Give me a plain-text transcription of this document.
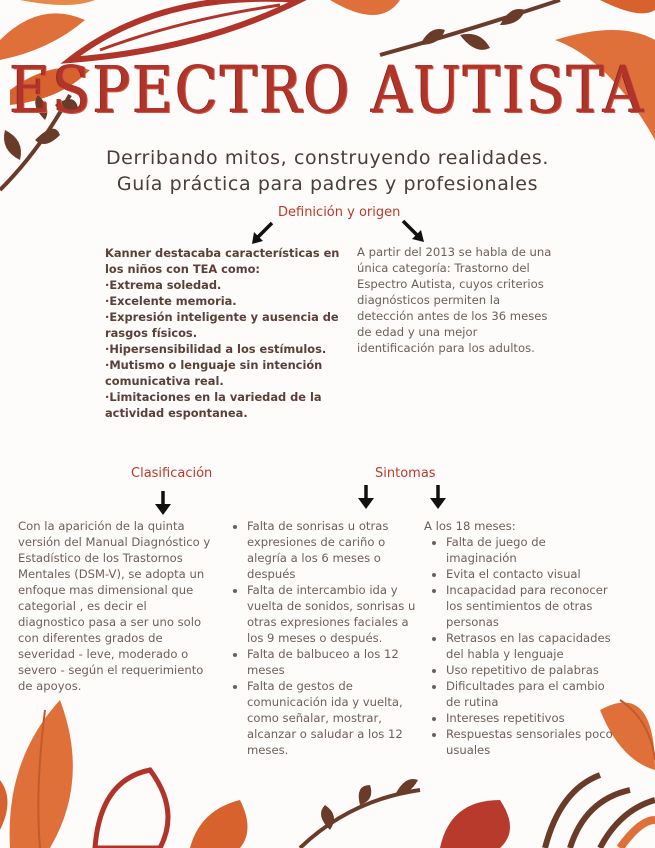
ESPECTRO AUTISTA
Derribando mitos, construyendo realidades.
Guía práctica para padres y profesionales
Definición y origen
Kanner destacaba características en los niños con TEA como:
·Extrema soledad.
·Excelente memoria.
·Expresión inteligente y ausencia de rasgos físicos.
·Hipersensibilidad a los estímulos.
·Mutismo o lenguaje sin intención comunicativa real.
·Limitaciones en la variedad de la actividad espontanea.
A partir del 2013 se habla de una única categoría: Trastorno del Espectro Autista, cuyos criterios diagnósticos permiten la detección antes de los 36 meses de edad y una mejor identificación para los adultos.
Clasificación
Con la aparición de la quinta versión del Manual Diagnóstico y Estadístico de los Trastornos Mentales (DSM-V), se adopta un enfoque mas dimensional que categorial , es decir el diagnostico pasa a ser uno solo con diferentes grados de severidad - leve, moderado o severo - según el requerimiento de apoyos.
Sintomas
• Falta de sonrisas u otras expresiones de cariño o alegría a los 6 meses o después
• Falta de intercambio ida y vuelta de sonidos, sonrisas u otras expresiones faciales a los 9 meses o después.
• Falta de balbuceo a los 12 meses
• Falta de gestos de comunicación ida y vuelta, como señalar, mostrar, alcanzar o saludar a los 12 meses.
A los 18 meses:
• Falta de juego de imaginación
• Evita el contacto visual
• Incapacidad para reconocer los sentimientos de otras personas
• Retrasos en las capacidades del habla y lenguaje
• Uso repetitivo de palabras
• Dificultades para el cambio de rutina
• Intereses repetitivos
• Respuestas sensoriales poco usuales
